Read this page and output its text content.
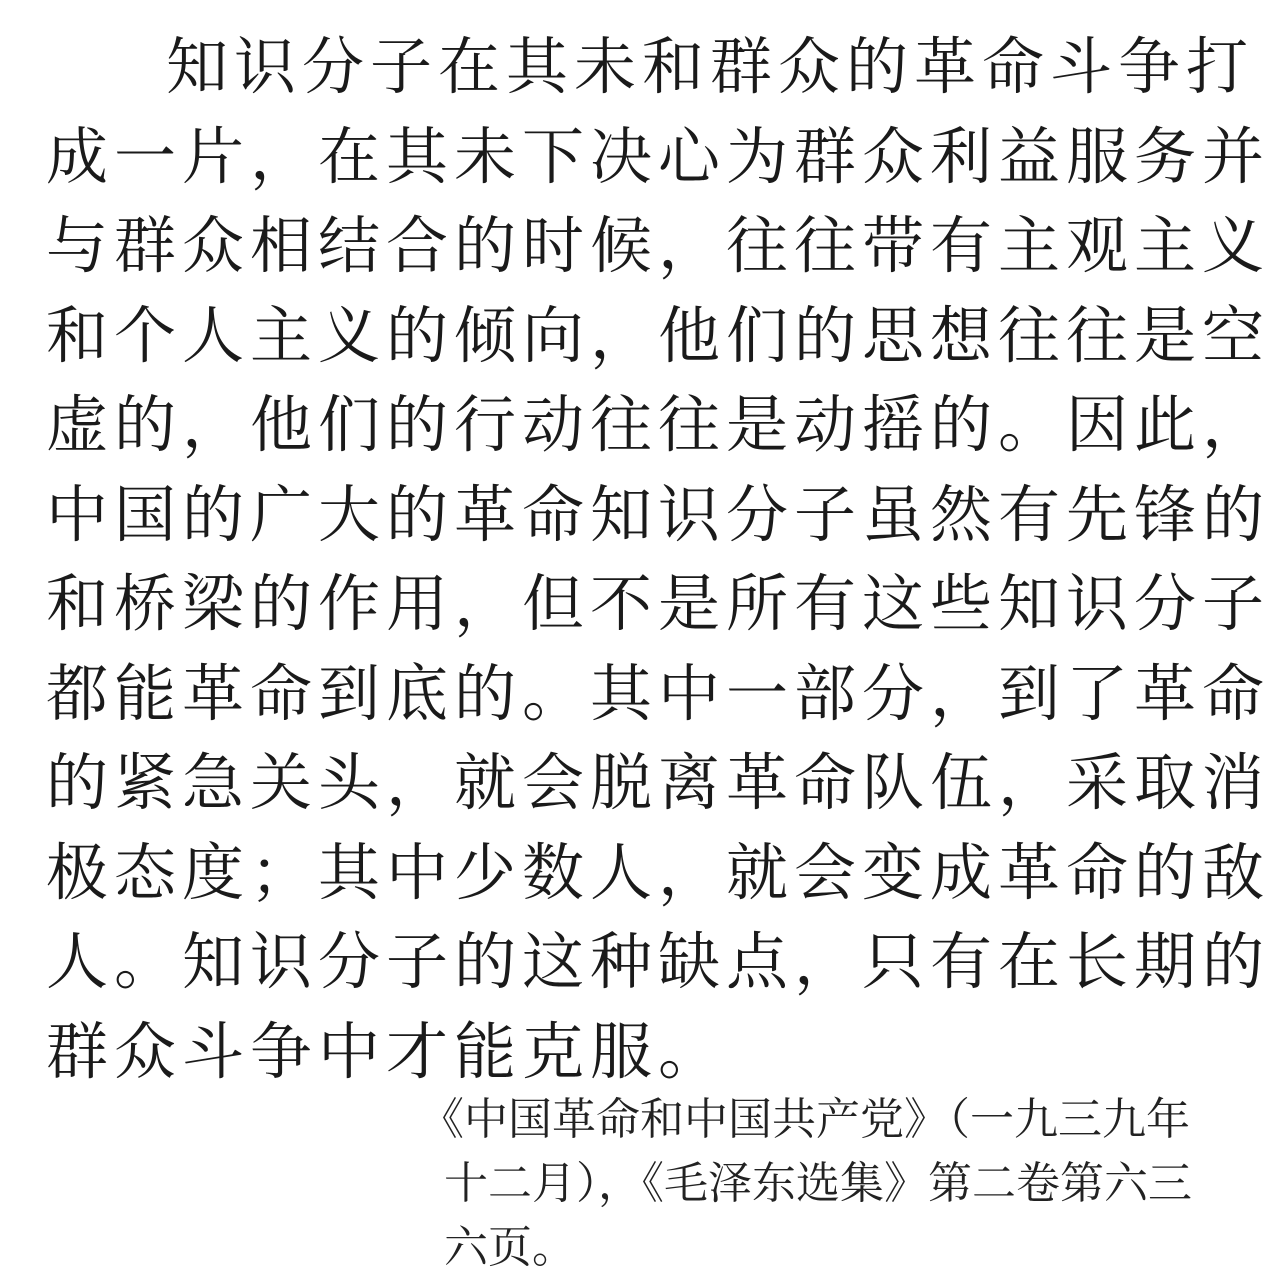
知识分子在其未和群众的革命斗争打
成一片，在其未下决心为群众利益服务并
与群众相结合的时候，往往带有主观主义
和个人主义的倾向，他们的思想往往是空
虚的，他们的行动往往是动摇的。因此，
中国的广大的革命知识分子虽然有先锋的
和桥梁的作用，但不是所有这些知识分子
都能革命到底的。其中一部分，到了革命
的紧急关头，就会脱离革命队伍，采取消
极态度；其中少数人，就会变成革命的敌
人。知识分子的这种缺点，只有在长期的
群众斗争中才能克服。
《中国革命和中国共产党》（一九三九年
十二月），《毛泽东选集》第二卷第六三
六页。
